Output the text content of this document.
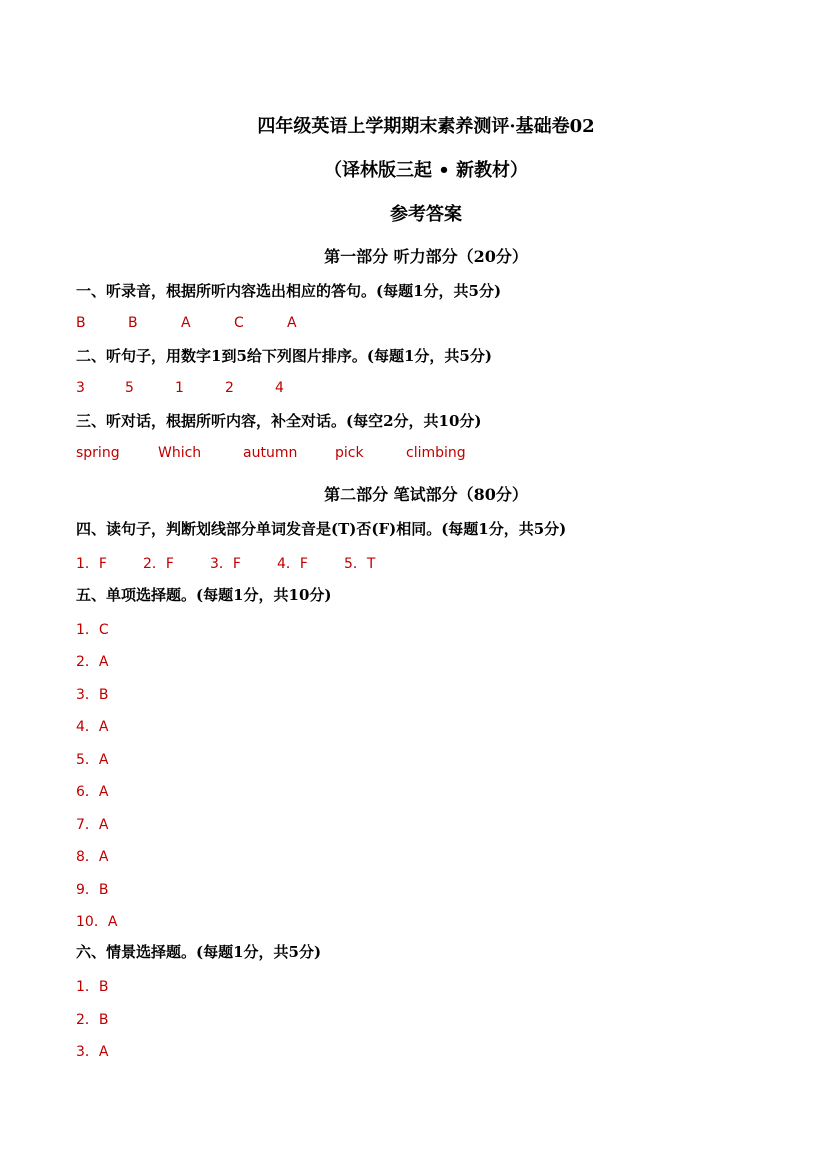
四年级英语上学期期末素养测评·基础卷02
（译林版三起 • 新教材）
参考答案
第一部分 听力部分（20分）
一、听录音，根据所听内容选出相应的答句。(每题1分，共5分)
B	B	A	C	A
二、听句子，用数字1到5给下列图片排序。(每题1分，共5分)
3	5	1	2	4
三、听对话，根据所听内容，补全对话。(每空2分，共10分)
spring	Which	autumn	pick	climbing
第二部分 笔试部分（80分）
四、读句子，判断划线部分单词发音是(T)否(F)相同。(每题1分，共5分)
1．F	2．F	3．F	4．F	5．T
五、单项选择题。(每题1分，共10分)
1．C
2．A
3．B
4．A
5．A
6．A
7．A
8．A
9．B
10．A
六、情景选择题。(每题1分，共5分)
1．B
2．B
3．A
